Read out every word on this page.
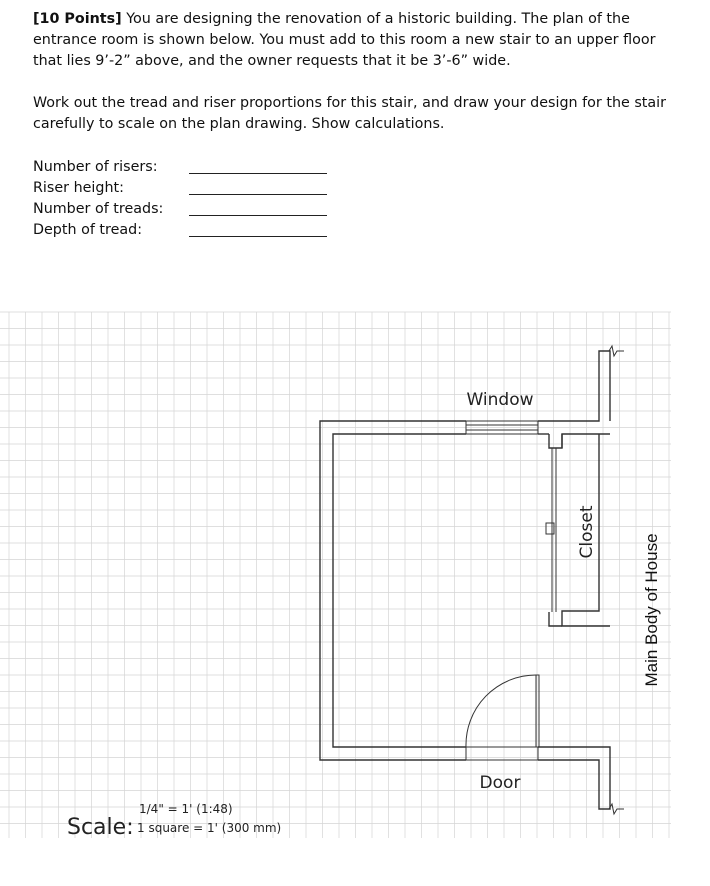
[10 Points] You are designing the renovation of a historic building. The plan of the entrance room is shown below. You must add to this room a new stair to an upper floor that lies 9’-2” above, and the owner requests that it be 3’-6” wide.

Work out the tread and riser proportions for this stair, and draw your design for the stair carefully to scale on the plan drawing. Show calculations.

Number of risers:
Riser height:
Number of treads:
Depth of tread:
Window
Door
Closet
Main Body of House
Scale:
1/4" = 1' (1:48)
1 square = 1' (300 mm)
